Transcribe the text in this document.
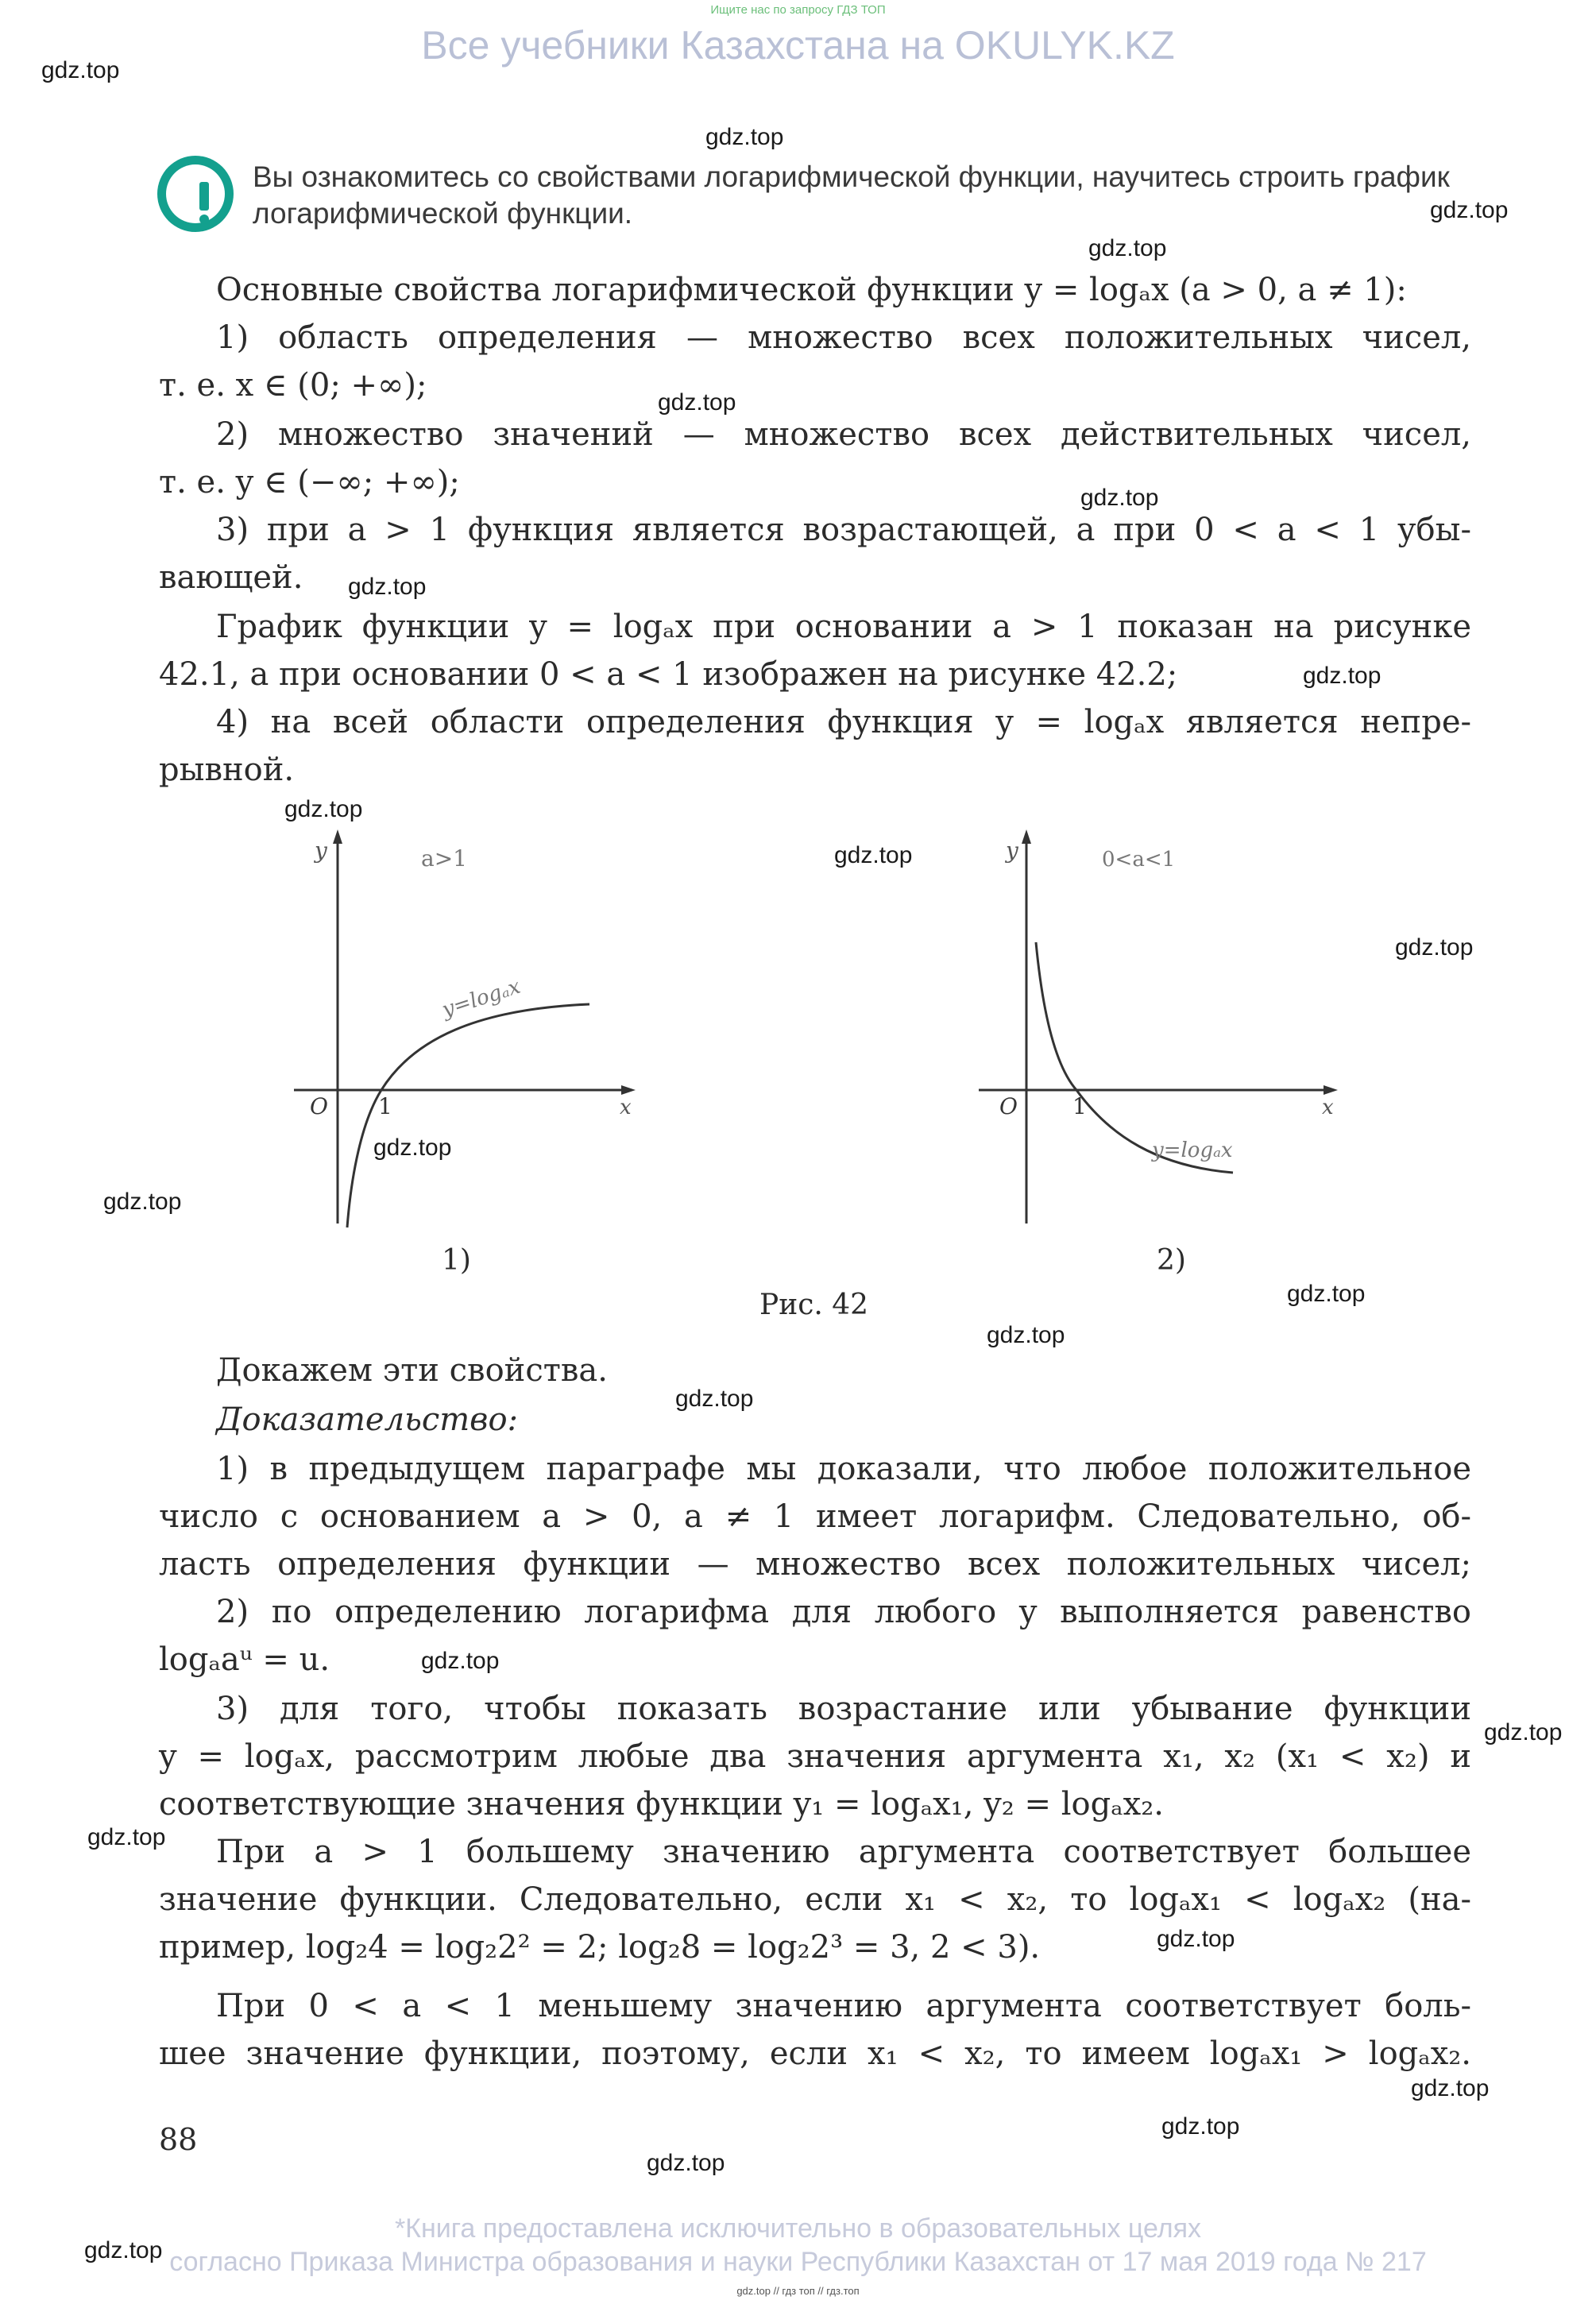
Ищите нас по запросу ГДЗ ТОП
Все учебники Казахстана на OKULYK.KZ
gdz.top
gdz.top
gdz.top
gdz.top
gdz.top
gdz.top
gdz.top
gdz.top
gdz.top
gdz.top
gdz.top
gdz.top
gdz.top
gdz.top
gdz.top
gdz.top
gdz.top
gdz.top
gdz.top
gdz.top
gdz.top
gdz.top
gdz.top
gdz.top
Вы ознакомитесь со свойствами логарифмической функции, научитесь строить график
логарифмической функции.
Основные свойства логарифмической функции y = logₐx (a > 0, a ≠ 1):
1) область определения — множество всех положительных чисел,
т. е. x ∈ (0; +∞);
2) множество значений — множество всех действительных чисел,
т. е. y ∈ (−∞; +∞);
3) при a > 1 функция является возрастающей, а при 0 < a < 1 убы-
вающей.
График функции y = logₐx при основании a > 1 показан на рисунке
42.1, а при основании 0 < a < 1 изображен на рисунке 42.2;
4) на всей области определения функция y = logₐx является непре-
рывной.
y	a>1
y=logₐx
O 1	x
1)
y	0<a<1
y=logₐx
O 1	x
2)
Рис. 42
Докажем эти свойства.
Доказательство:
1) в предыдущем параграфе мы доказали, что любое положительное
число с основанием a > 0, a ≠ 1 имеет логарифм. Следовательно, об-
ласть определения функции — множество всех положительных чисел;
2) по определению логарифма для любого y выполняется равенство
logₐaᵘ = u.
3) для того, чтобы показать возрастание или убывание функции
y = logₐx, рассмотрим любые два значения аргумента x₁, x₂ (x₁ < x₂) и
соответствующие значения функции y₁ = logₐx₁, y₂ = logₐx₂.
При a > 1 большему значению аргумента соответствует большее
значение функции. Следовательно, если x₁ < x₂, то logₐx₁ < logₐx₂ (на-
пример, log₂4 = log₂2² = 2; log₂8 = log₂2³ = 3, 2 < 3).
При 0 < a < 1 меньшему значению аргумента соответствует боль-
шее значение функции, поэтому, если x₁ < x₂, то имеем logₐx₁ > logₐx₂.
88
*Книга предоставлена исключительно в образовательных целях
согласно Приказа Министра образования и науки Республики Казахстан от 17 мая 2019 года № 217
gdz.top // гдз топ // гдз.топ
